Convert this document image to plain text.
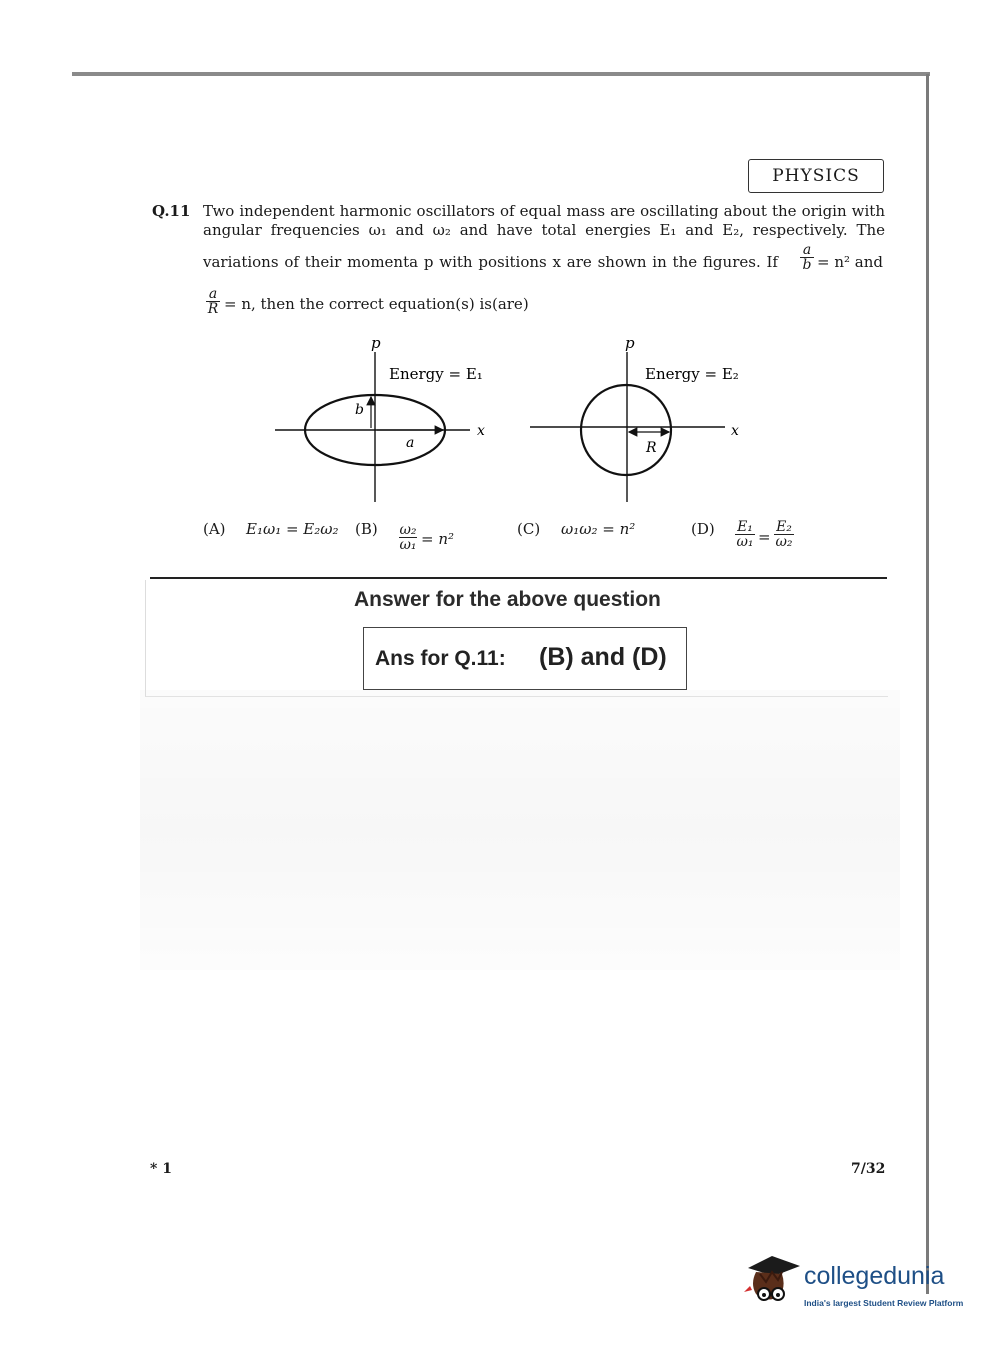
PHYSICS
Q.11 Two independent harmonic oscillators of equal mass are oscillating about the origin with
angular frequencies ω₁ and ω₂ and have total energies E₁ and E₂, respectively. The
variations of their momenta p with positions x are shown in the figures. If $\frac{a}{b} = n^2$ and
$\frac{a}{R} = n$, then the correct equation(s) is(are)
p
Energy = E₁
x
a
b
p
Energy = E₂
x
R
(A) E₁ω₁ = E₂ω₂ $(B) \frac{\text{ω₂}}{\text{ω₁}} = n^2$
(C) ω₁ω₂ = n²	$(D) \frac{\text{E₁}}{\text{ω₁}} = \frac{\text{E₂}}{\text{ω₂}}$
Answer for the above question
Ans for Q.11: (B) and (D)
* 1	7/32
collegedunia
India's largest Student Review Platform
